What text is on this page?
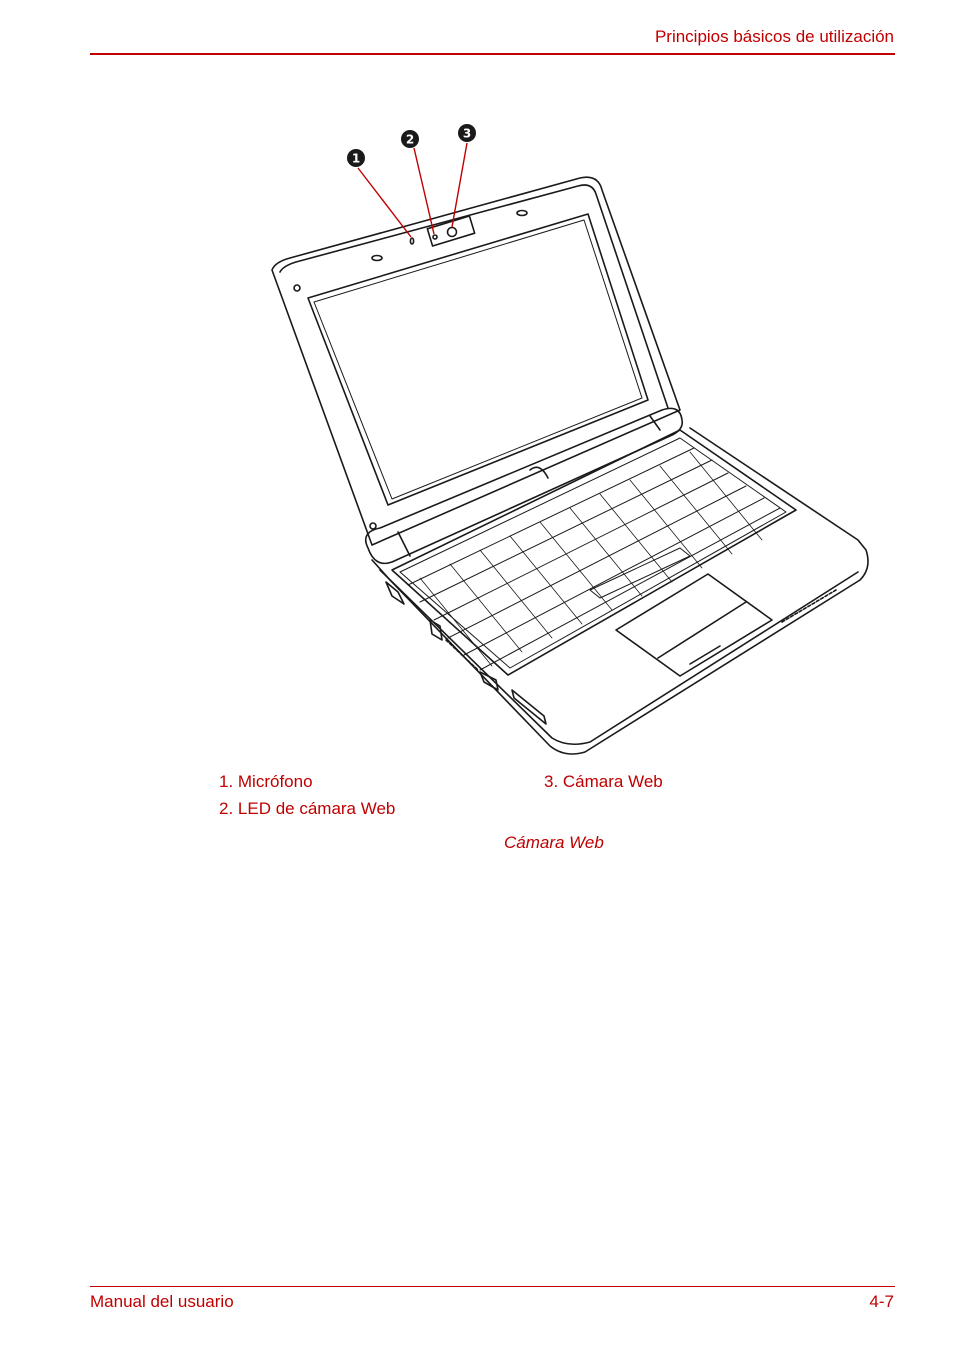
Principios básicos de utilización
1
2	3
1. Micrófono
2. LED de cámara Web
3. Cámara Web
Cámara Web
Manual del usuario	4-7
